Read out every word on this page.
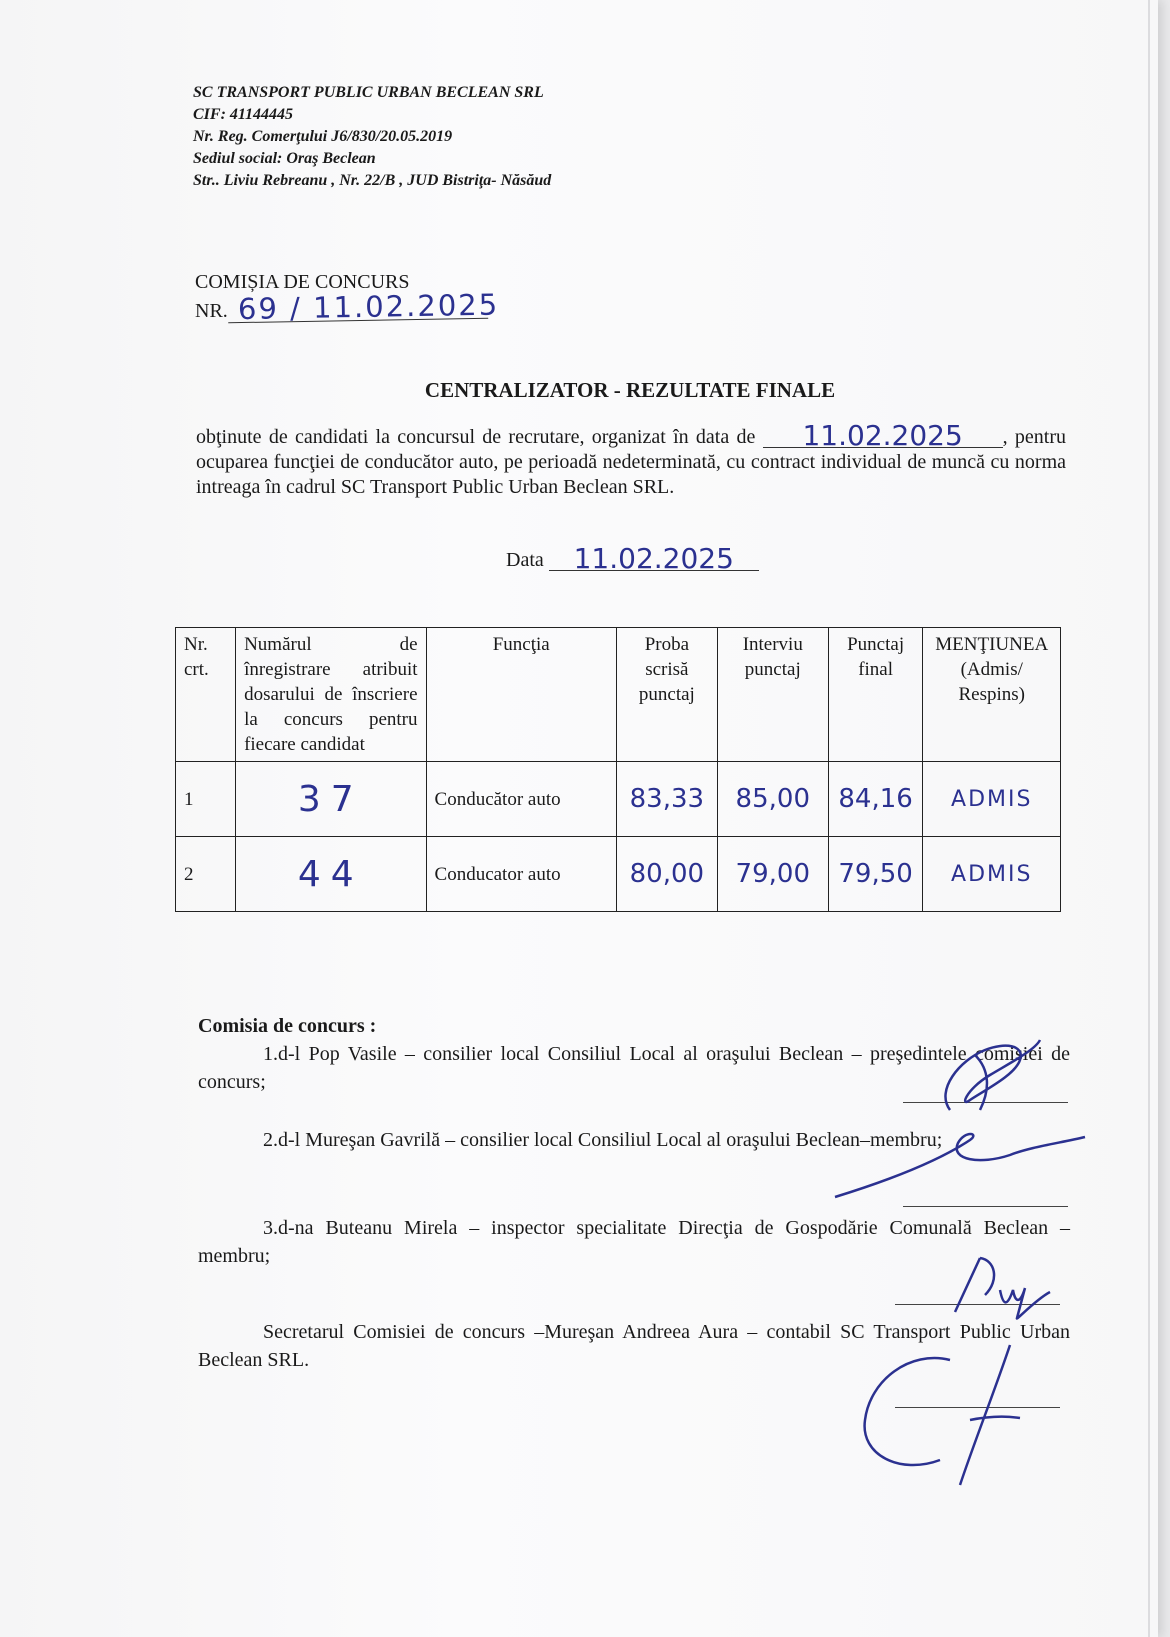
SC TRANSPORT PUBLIC URBAN BECLEAN SRL
CIF: 41144445
Nr. Reg. Comerţului J6/830/20.05.2019
Sediul social: Oraş Beclean
Str.. Liviu Rebreanu , Nr. 22/B , JUD Bistriţa- Năsăud
COMIȘIA DE CONCURS
NR. 69 / 11.02.2025
CENTRALIZATOR - REZULTATE FINALE
obţinute de candidati la concursul de recrutare, organizat în data de 11.02.2025 , pentru ocuparea funcţiei de conducător auto, pe perioadă nedeterminată, cu contract individual de muncă cu norma intreaga în cadrul SC Transport Public Urban Beclean SRL.
Data 11.02.2025
Nr. crt.	Numărul de înregistrare atribuit dosarului de înscriere la concurs pentru fiecare candidat	Funcţia	Proba scrisă punctaj	Interviu punctaj	Punctaj final	MENŢIUNEA (Admis/ Respins)
1	37	Conducător auto	83,33	85,00	84,16	ADMIS
2	44	Conducator auto	80,00	79,00	79,50	ADMIS
Comisia de concurs :

1.d-l Pop Vasile – consilier local Consiliul Local al oraşului Beclean – preşedintele comisiei de concurs;

2.d-l Mureşan Gavrilă – consilier local Consiliul Local al oraşului Beclean–membru;

3.d-na Buteanu Mirela – inspector specialitate Direcţia de Gospodărie Comunală Beclean – membru;

Secretarul Comisiei de concurs –Mureşan Andreea Aura – contabil SC Transport Public Urban Beclean SRL.
